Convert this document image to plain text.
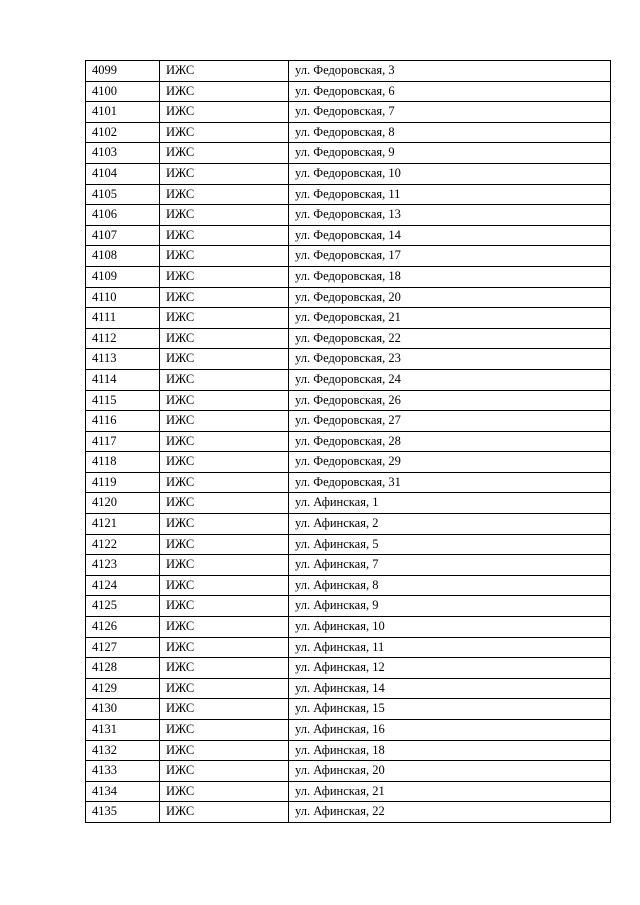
4099	ИЖС	ул. Федоровская, 3
4100	ИЖС	ул. Федоровская, 6
4101	ИЖС	ул. Федоровская, 7
4102	ИЖС	ул. Федоровская, 8
4103	ИЖС	ул. Федоровская, 9
4104	ИЖС	ул. Федоровская, 10
4105	ИЖС	ул. Федоровская, 11
4106	ИЖС	ул. Федоровская, 13
4107	ИЖС	ул. Федоровская, 14
4108	ИЖС	ул. Федоровская, 17
4109	ИЖС	ул. Федоровская, 18
4110	ИЖС	ул. Федоровская, 20
4111	ИЖС	ул. Федоровская, 21
4112	ИЖС	ул. Федоровская, 22
4113	ИЖС	ул. Федоровская, 23
4114	ИЖС	ул. Федоровская, 24
4115	ИЖС	ул. Федоровская, 26
4116	ИЖС	ул. Федоровская, 27
4117	ИЖС	ул. Федоровская, 28
4118	ИЖС	ул. Федоровская, 29
4119	ИЖС	ул. Федоровская, 31
4120	ИЖС	ул. Афинская, 1
4121	ИЖС	ул. Афинская, 2
4122	ИЖС	ул. Афинская, 5
4123	ИЖС	ул. Афинская, 7
4124	ИЖС	ул. Афинская, 8
4125	ИЖС	ул. Афинская, 9
4126	ИЖС	ул. Афинская, 10
4127	ИЖС	ул. Афинская, 11
4128	ИЖС	ул. Афинская, 12
4129	ИЖС	ул. Афинская, 14
4130	ИЖС	ул. Афинская, 15
4131	ИЖС	ул. Афинская, 16
4132	ИЖС	ул. Афинская, 18
4133	ИЖС	ул. Афинская, 20
4134	ИЖС	ул. Афинская, 21
4135	ИЖС	ул. Афинская, 22
